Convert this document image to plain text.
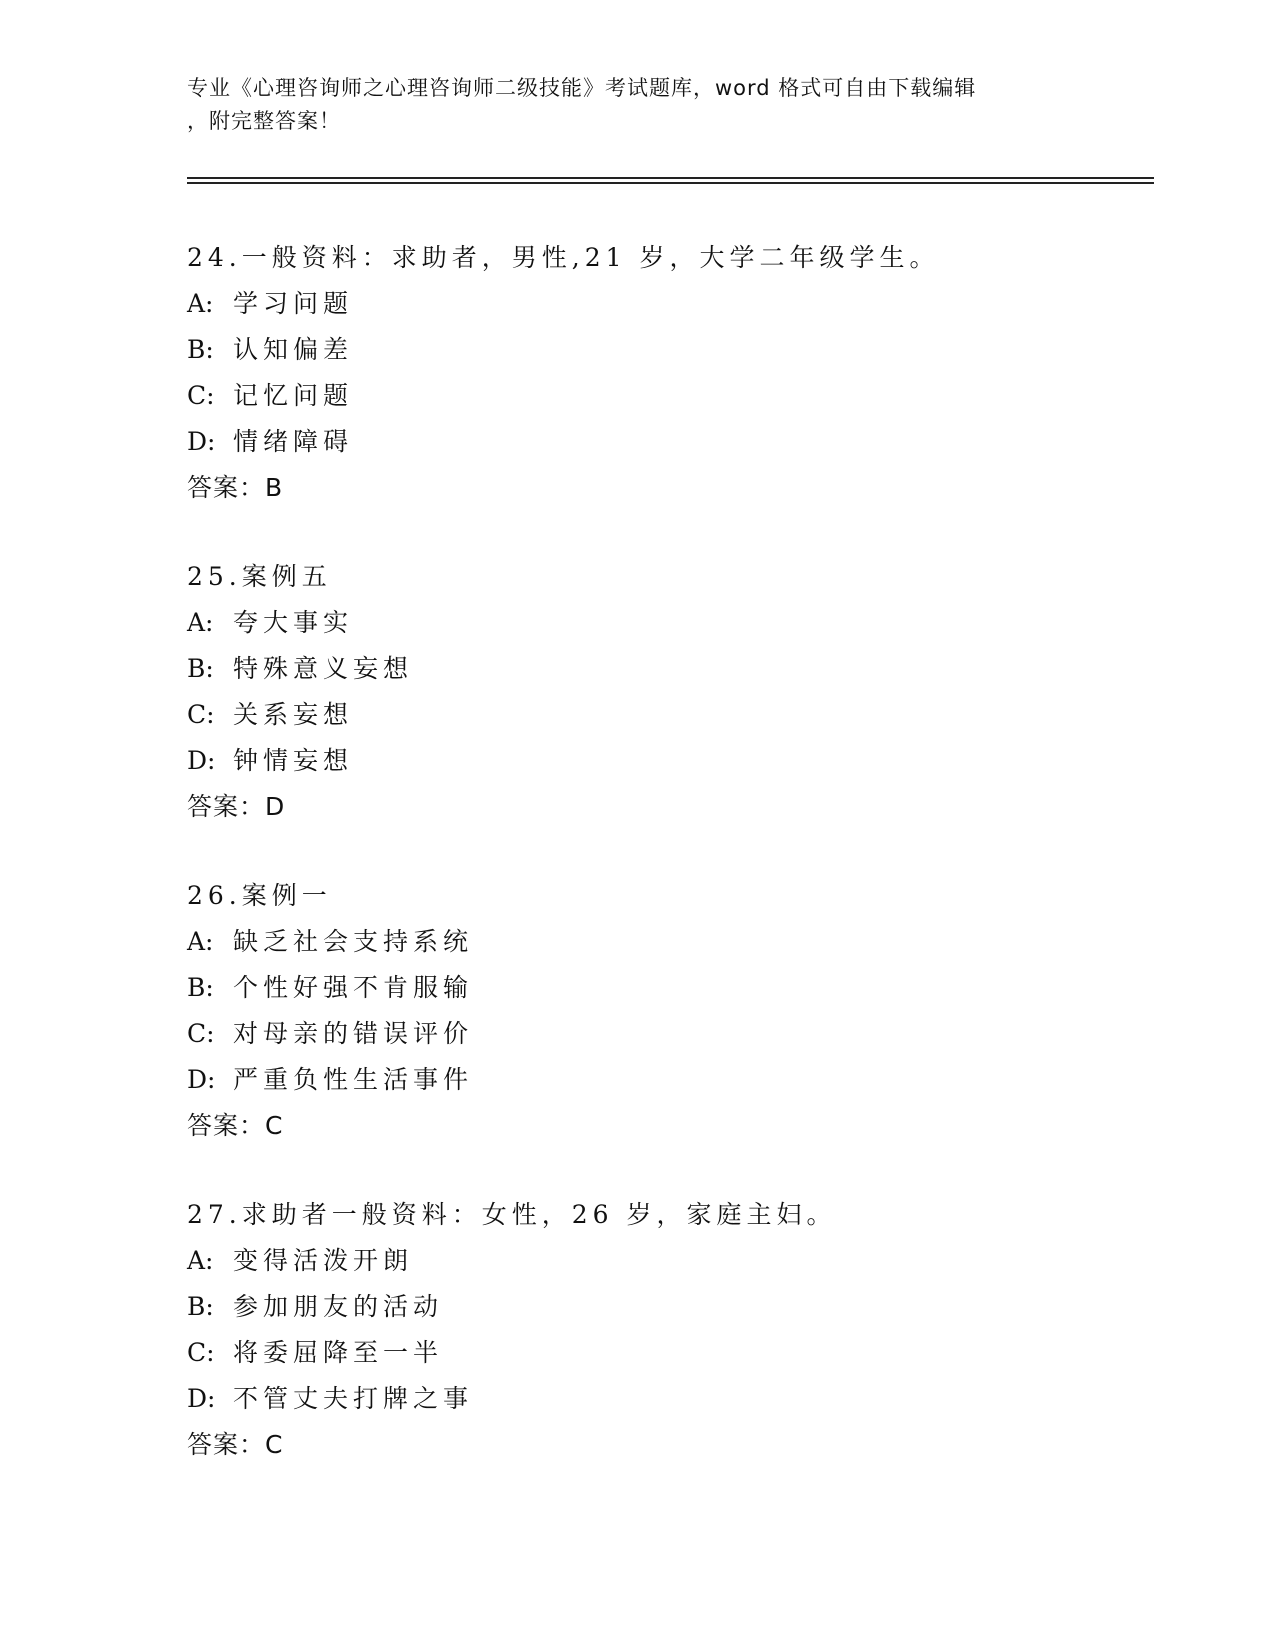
专业《心理咨询师之心理咨询师二级技能》考试题库，word 格式可自由下载编辑
，附完整答案！
24.一般资料：求助者，男性,21 岁，大学二年级学生。
A: 学习问题
B: 认知偏差
C: 记忆问题
D: 情绪障碍
答案：B
25.案例五
A: 夸大事实
B: 特殊意义妄想
C: 关系妄想
D: 钟情妄想
答案：D
26.案例一
A: 缺乏社会支持系统
B: 个性好强不肯服输
C: 对母亲的错误评价
D: 严重负性生活事件
答案：C
27.求助者一般资料：女性，26 岁，家庭主妇。
A: 变得活泼开朗
B: 参加朋友的活动
C: 将委屈降至一半
D: 不管丈夫打牌之事
答案：C
